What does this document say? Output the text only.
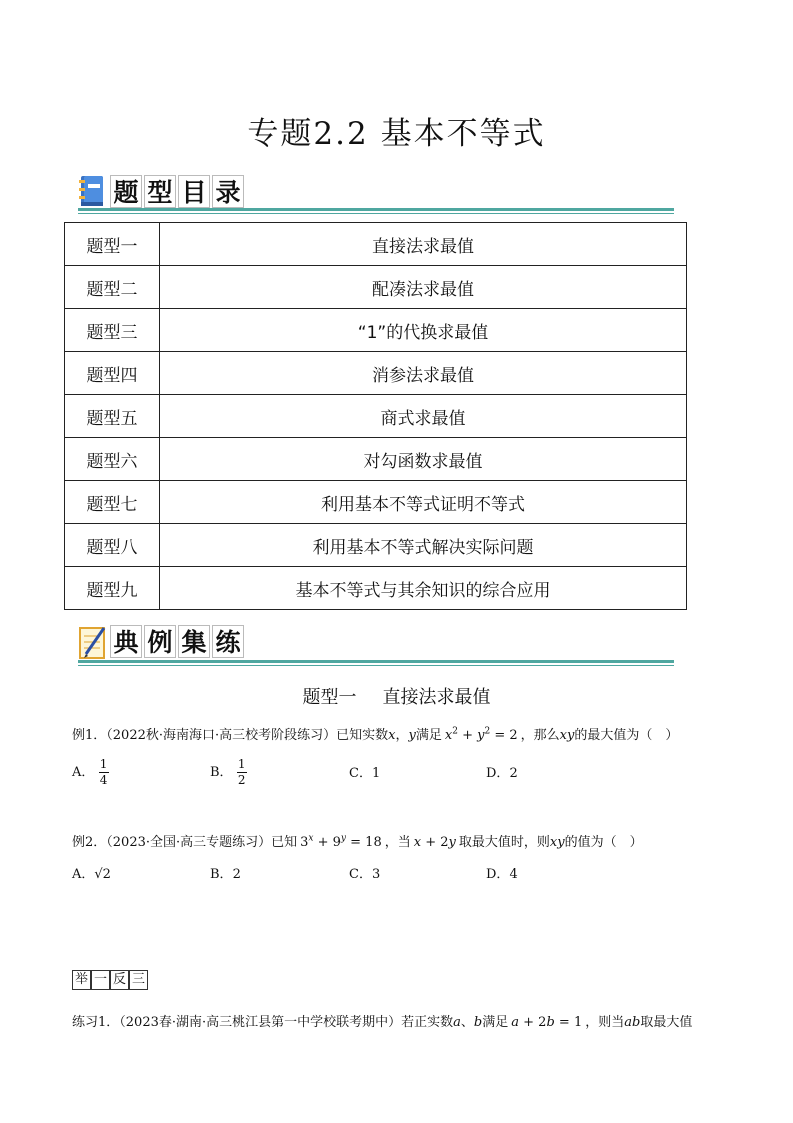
专题2.2 基本不等式
题 型 目 录
题型一	直接法求最值
题型二	配凑法求最值
题型三	“1”的代换求最值
题型四	消参法求最值
题型五	商式求最值
题型六	对勾函数求最值
题型七	利用基本不等式证明不等式
题型八	利用基本不等式解决实际问题
题型九	基本不等式与其余知识的综合应用
典 例 集 练
题型一 直接法求最值
例1．（2022秋·海南海口·高三校考阶段练习）已知实数x，y满足 $x^2 + y^2 = 2$ ，那么xy的最大值为（　）
A． $\frac{1}{4}$	B． $\frac{1}{2}$	C．1	D．2
例2．（2023·全国·高三专题练习）已知 $3^x + 9^y = 18$ ，当 x + 2y 取最大值时，则xy的值为（　）
A．√2	B．2	C．3	D．4
举 一 反 三
练习1．（2023春·湖南·高三桃江县第一中学校联考期中）若正实数a、b满足 a + 2b = 1 ，则当ab取最大值
